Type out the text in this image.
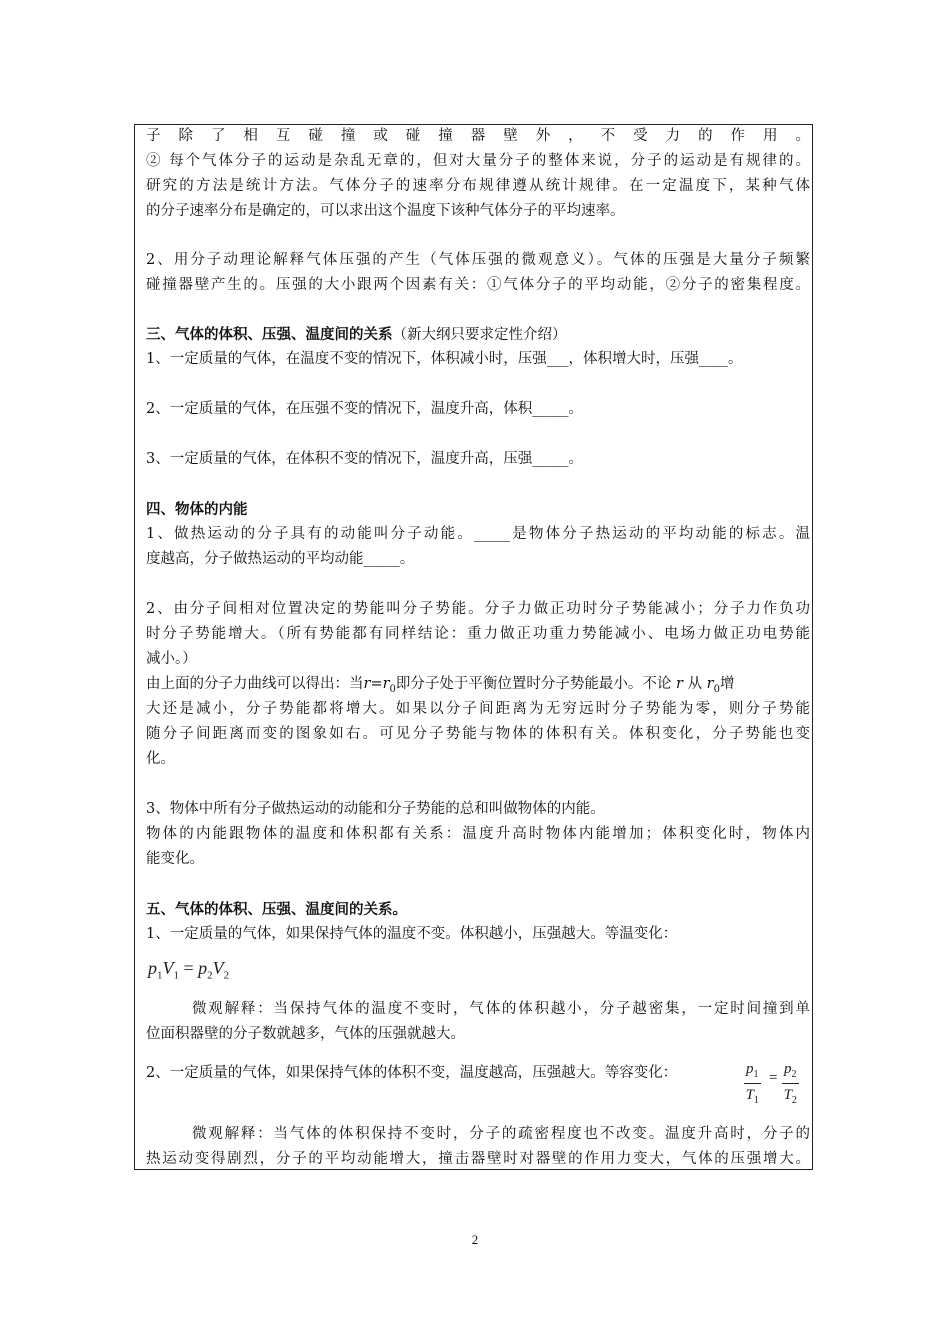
子除了相互碰撞或碰撞器壁外，不受力的作用。
② 每个气体分子的运动是杂乱无章的，但对大量分子的整体来说，分子的运动是有规律的。
研究的方法是统计方法。气体分子的速率分布规律遵从统计规律。在一定温度下，某种气体
的分子速率分布是确定的，可以求出这个温度下该种气体分子的平均速率。
2、用分子动理论解释气体压强的产生（气体压强的微观意义）。气体的压强是大量分子频繁
碰撞器壁产生的。压强的大小跟两个因素有关：①气体分子的平均动能，②分子的密集程度。
三、气体的体积、压强、温度间的关系（新大纲只要求定性介绍）
1、一定质量的气体，在温度不变的情况下，体积减小时，压强___，体积增大时，压强____。
2、一定质量的气体，在压强不变的情况下，温度升高，体积_____。
3、一定质量的气体，在体积不变的情况下，温度升高，压强_____。
四、物体的内能
1、做热运动的分子具有的动能叫分子动能。_____是物体分子热运动的平均动能的标志。温
度越高，分子做热运动的平均动能_____。
2、由分子间相对位置决定的势能叫分子势能。分子力做正功时分子势能减小；分子力作负功
时分子势能增大。（所有势能都有同样结论：重力做正功重力势能减小、电场力做正功电势能
减小。）
由上面的分子力曲线可以得出：当$r=r_0$即分子处于平衡位置时分子势能最小。不论 r 从 $r_0$增
大还是减小，分子势能都将增大。如果以分子间距离为无穷远时分子势能为零，则分子势能
随分子间距离而变的图象如右。可见分子势能与物体的体积有关。体积变化，分子势能也变
化。
3、物体中所有分子做热运动的动能和分子势能的总和叫做物体的内能。
物体的内能跟物体的温度和体积都有关系：温度升高时物体内能增加；体积变化时，物体内
能变化。
五、气体的体积、压强、温度间的关系。
1、一定质量的气体，如果保持气体的温度不变。体积越小，压强越大。等温变化：
$p_1V_1 = p_2V_2$
微观解释：当保持气体的温度不变时，气体的体积越小，分子越密集，一定时间撞到单
位面积器壁的分子数就越多，气体的压强就越大。
2、一定质量的气体，如果保持气体的体积不变，温度越高，压强越大。等容变化：	$\frac{p_1}{T_1} = \frac{p_2}{T_2}$
微观解释：当气体的体积保持不变时，分子的疏密程度也不改变。温度升高时，分子的
热运动变得剧烈，分子的平均动能增大，撞击器壁时对器壁的作用力变大，气体的压强增大。
2
